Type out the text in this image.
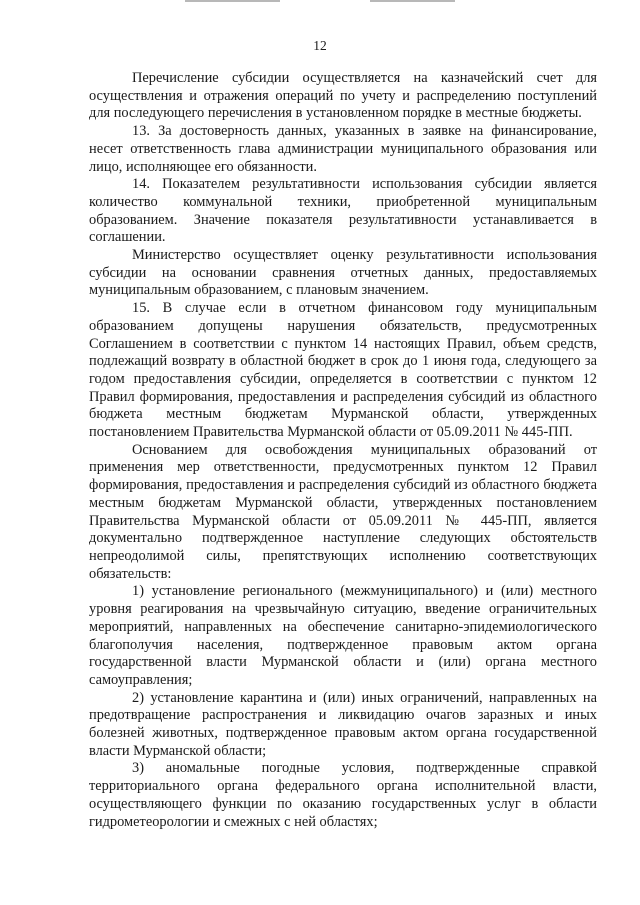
12

Перечисление субсидии осуществляется на казначейский счет для осуществления и отражения операций по учету и распределению поступлений для последующего перечисления в установленном порядке в местные бюджеты.

13. За достоверность данных, указанных в заявке на финансирование, несет ответственность глава администрации муниципального образования или лицо, исполняющее его обязанности.

14. Показателем результативности использования субсидии является количество коммунальной техники, приобретенной муниципальным образованием. Значение показателя результативности устанавливается в соглашении.

Министерство осуществляет оценку результативности использования субсидии на основании сравнения отчетных данных, предоставляемых муниципальным образованием, с плановым значением.

15. В случае если в отчетном финансовом году муниципальным образованием допущены нарушения обязательств, предусмотренных Соглашением в соответствии с пунктом 14 настоящих Правил, объем средств, подлежащий возврату в областной бюджет в срок до 1 июня года, следующего за годом предоставления субсидии, определяется в соответствии с пунктом 12 Правил формирования, предоставления и распределения субсидий из областного бюджета местным бюджетам Мурманской области, утвержденных постановлением Правительства Мурманской области от 05.09.2011 № 445-ПП.

Основанием для освобождения муниципальных образований от применения мер ответственности, предусмотренных пунктом 12 Правил формирования, предоставления и распределения субсидий из областного бюджета местным бюджетам Мурманской области, утвержденных постановлением Правительства Мурманской области от 05.09.2011 № 445-ПП, является документально подтвержденное наступление следующих обстоятельств непреодолимой силы, препятствующих исполнению соответствующих обязательств:

1) установление регионального (межмуниципального) и (или) местного уровня реагирования на чрезвычайную ситуацию, введение ограничительных мероприятий, направленных на обеспечение санитарно-эпидемиологического благополучия населения, подтвержденное правовым актом органа государственной власти Мурманской области и (или) органа местного самоуправления;

2) установление карантина и (или) иных ограничений, направленных на предотвращение распространения и ликвидацию очагов заразных и иных болезней животных, подтвержденное правовым актом органа государственной власти Мурманской области;

3) аномальные погодные условия, подтвержденные справкой территориального органа федерального органа исполнительной власти, осуществляющего функции по оказанию государственных услуг в области гидрометеорологии и смежных с ней областях;
